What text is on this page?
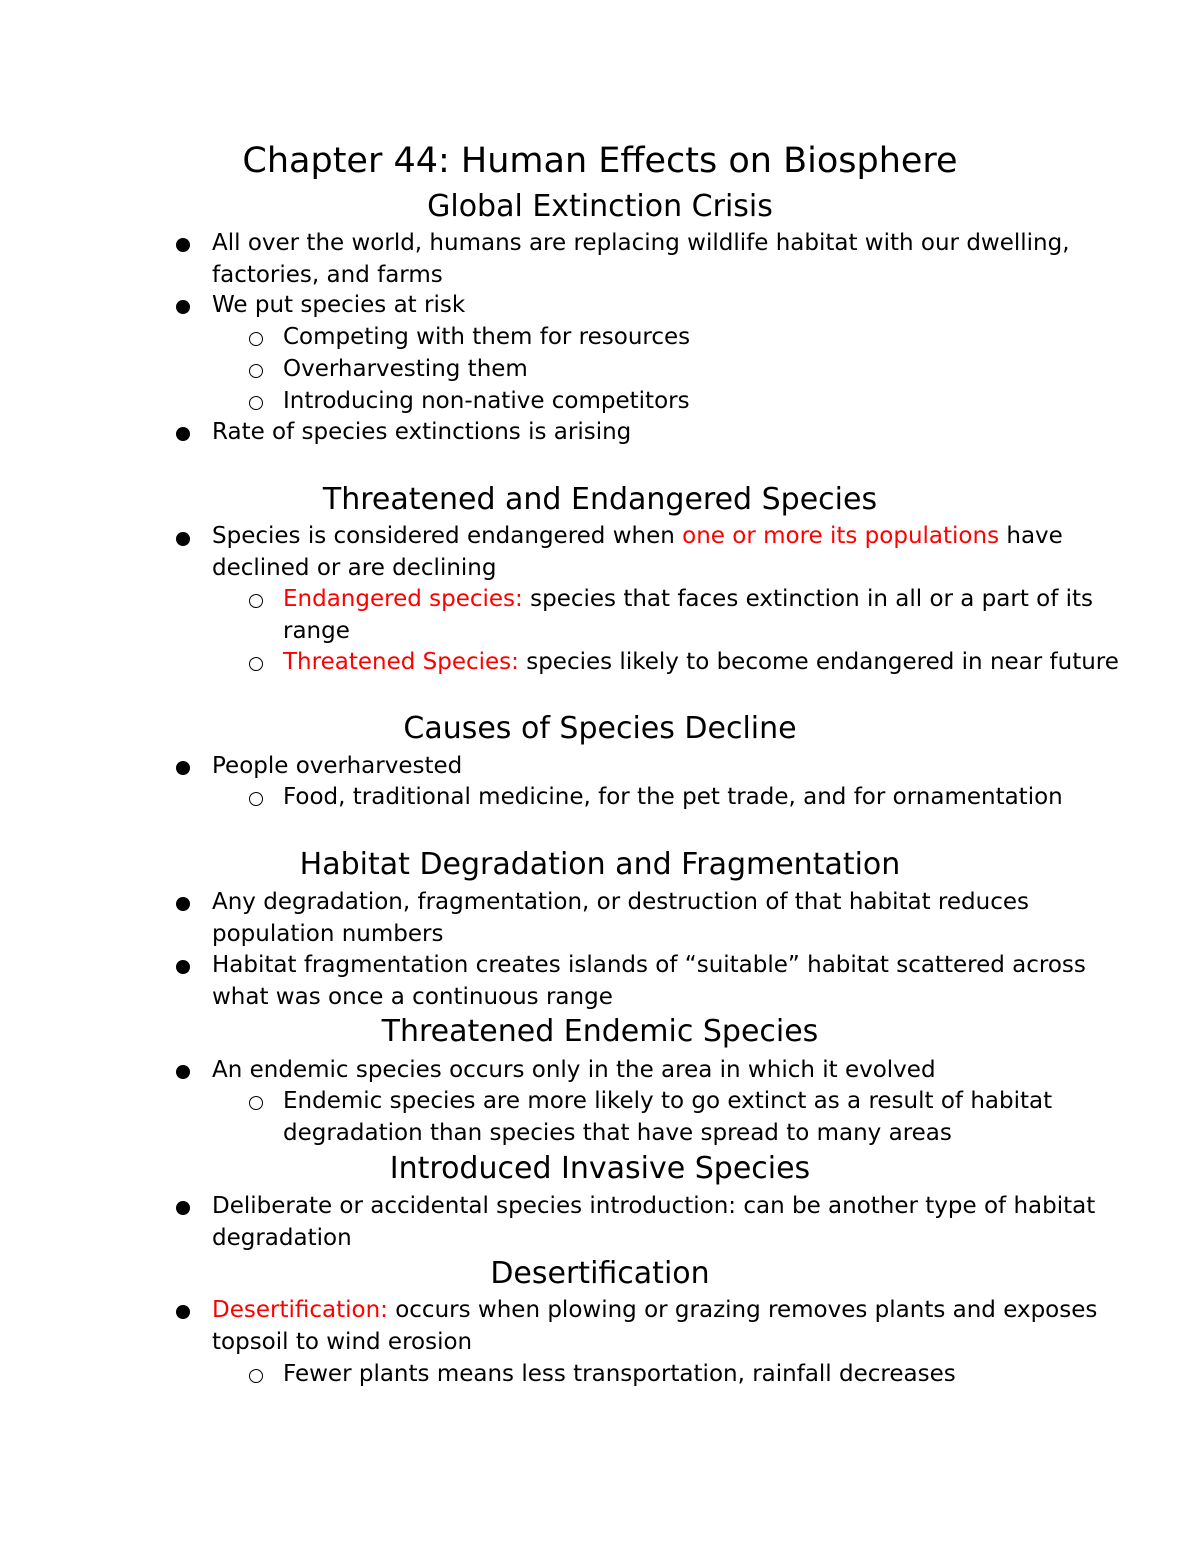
Chapter 44: Human Effects on Biosphere
Global Extinction Crisis
All over the world, humans are replacing wildlife habitat with our dwelling, factories, and farms
We put species at risk
Competing with them for resources
Overharvesting them
Introducing non-native competitors
Rate of species extinctions is arising
Threatened and Endangered Species
Species is considered endangered when one or more its populations have declined or are declining
Endangered species: species that faces extinction in all or a part of its range
Threatened Species: species likely to become endangered in near future
Causes of Species Decline
People overharvested
Food, traditional medicine, for the pet trade, and for ornamentation
Habitat Degradation and Fragmentation
Any degradation, fragmentation, or destruction of that habitat reduces population numbers
Habitat fragmentation creates islands of “suitable” habitat scattered across what was once a continuous range
Threatened Endemic Species
An endemic species occurs only in the area in which it evolved
Endemic species are more likely to go extinct as a result of habitat degradation than species that have spread to many areas
Introduced Invasive Species
Deliberate or accidental species introduction: can be another type of habitat degradation
Desertification
Desertification: occurs when plowing or grazing removes plants and exposes topsoil to wind erosion
Fewer plants means less transportation, rainfall decreases
